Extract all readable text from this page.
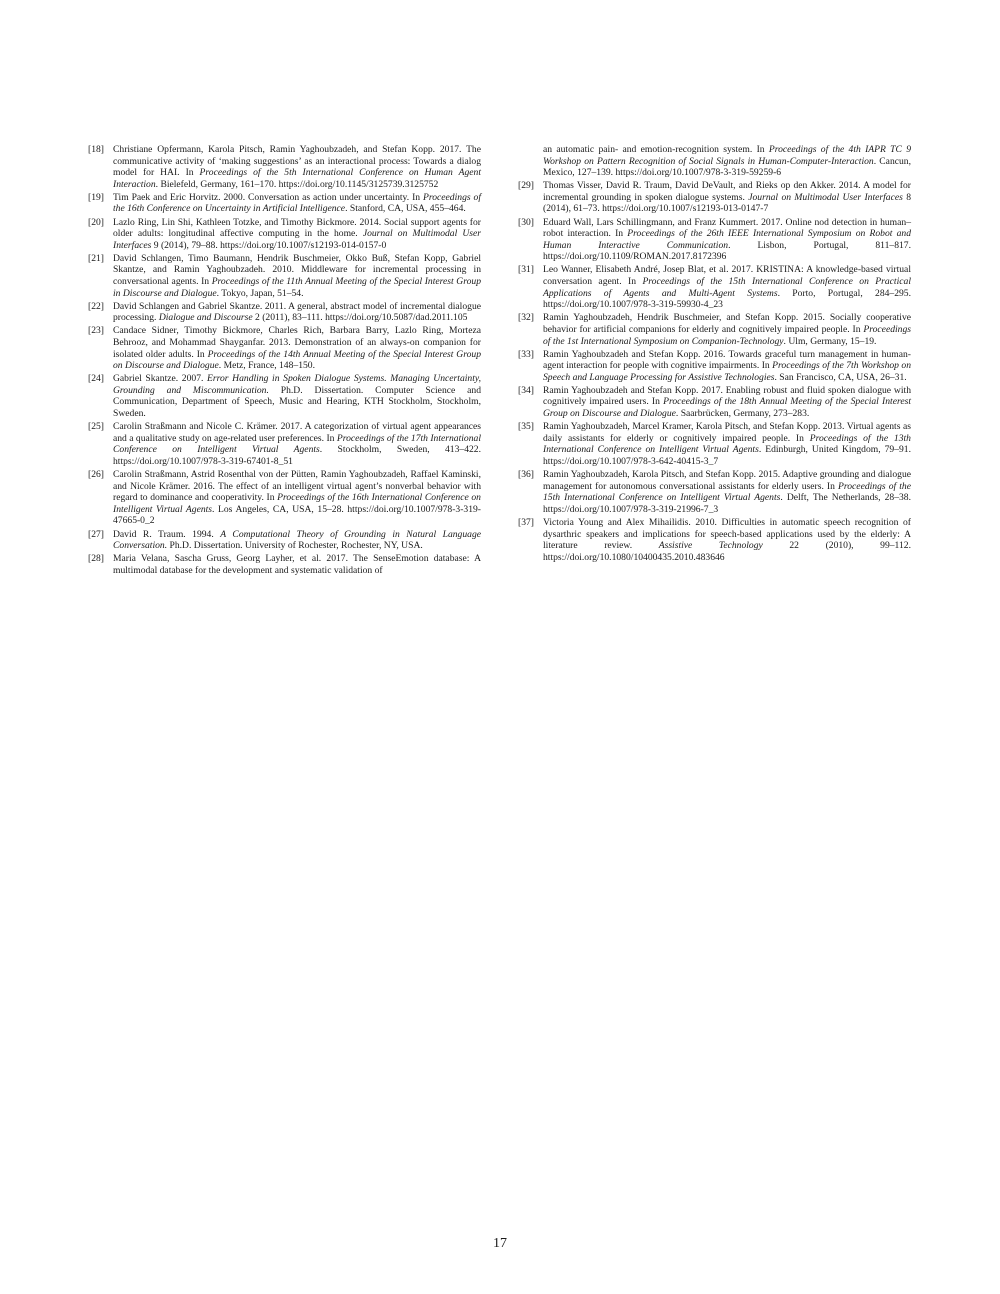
[18] Christiane Opfermann, Karola Pitsch, Ramin Yaghoubzadeh, and Stefan Kopp. 2017. The communicative activity of ‘making suggestions’ as an interactional process: Towards a dialog model for HAI. In Proceedings of the 5th International Conference on Human Agent Interaction. Bielefeld, Germany, 161–170. https://doi.org/10.1145/3125739.3125752
[19] Tim Paek and Eric Horvitz. 2000. Conversation as action under uncertainty. In Proceedings of the 16th Conference on Uncertainty in Artificial Intelligence. Stanford, CA, USA, 455–464.
[20] Lazlo Ring, Lin Shi, Kathleen Totzke, and Timothy Bickmore. 2014. Social support agents for older adults: longitudinal affective computing in the home. Journal on Multimodal User Interfaces 9 (2014), 79–88. https://doi.org/10.1007/s12193-014-0157-0
[21] David Schlangen, Timo Baumann, Hendrik Buschmeier, Okko Buß, Stefan Kopp, Gabriel Skantze, and Ramin Yaghoubzadeh. 2010. Middleware for incremental processing in conversational agents. In Proceedings of the 11th Annual Meeting of the Special Interest Group in Discourse and Dialogue. Tokyo, Japan, 51–54.
[22] David Schlangen and Gabriel Skantze. 2011. A general, abstract model of incremental dialogue processing. Dialogue and Discourse 2 (2011), 83–111. https://doi.org/10.5087/dad.2011.105
[23] Candace Sidner, Timothy Bickmore, Charles Rich, Barbara Barry, Lazlo Ring, Morteza Behrooz, and Mohammad Shayganfar. 2013. Demonstration of an always-on companion for isolated older adults. In Proceedings of the 14th Annual Meeting of the Special Interest Group on Discourse and Dialogue. Metz, France, 148–150.
[24] Gabriel Skantze. 2007. Error Handling in Spoken Dialogue Systems. Managing Uncertainty, Grounding and Miscommunication. Ph.D. Dissertation. Computer Science and Communication, Department of Speech, Music and Hearing, KTH Stockholm, Stockholm, Sweden.
[25] Carolin Straßmann and Nicole C. Krämer. 2017. A categorization of virtual agent appearances and a qualitative study on age-related user preferences. In Proceedings of the 17th International Conference on Intelligent Virtual Agents. Stockholm, Sweden, 413–422. https://doi.org/10.1007/978-3-319-67401-8_51
[26] Carolin Straßmann, Astrid Rosenthal von der Pütten, Ramin Yaghoubzadeh, Raffael Kaminski, and Nicole Krämer. 2016. The effect of an intelligent virtual agent’s nonverbal behavior with regard to dominance and cooperativity. In Proceedings of the 16th International Conference on Intelligent Virtual Agents. Los Angeles, CA, USA, 15–28. https://doi.org/10.1007/978-3-319-47665-0_2
[27] David R. Traum. 1994. A Computational Theory of Grounding in Natural Language Conversation. Ph.D. Dissertation. University of Rochester, Rochester, NY, USA.
[28] Maria Velana, Sascha Gruss, Georg Layher, et al. 2017. The SenseEmotion database: A multimodal database for the development and systematic validation of
an automatic pain- and emotion-recognition system. In Proceedings of the 4th IAPR TC 9 Workshop on Pattern Recognition of Social Signals in Human-Computer-Interaction. Cancun, Mexico, 127–139. https://doi.org/10.1007/978-3-319-59259-6
[29] Thomas Visser, David R. Traum, David DeVault, and Rieks op den Akker. 2014. A model for incremental grounding in spoken dialogue systems. Journal on Multimodal User Interfaces 8 (2014), 61–73. https://doi.org/10.1007/s12193-013-0147-7
[30] Eduard Wall, Lars Schillingmann, and Franz Kummert. 2017. Online nod detection in human–robot interaction. In Proceedings of the 26th IEEE International Symposium on Robot and Human Interactive Communication. Lisbon, Portugal, 811–817. https://doi.org/10.1109/ROMAN.2017.8172396
[31] Leo Wanner, Elisabeth André, Josep Blat, et al. 2017. KRISTINA: A knowledge-based virtual conversation agent. In Proceedings of the 15th International Conference on Practical Applications of Agents and Multi-Agent Systems. Porto, Portugal, 284–295. https://doi.org/10.1007/978-3-319-59930-4_23
[32] Ramin Yaghoubzadeh, Hendrik Buschmeier, and Stefan Kopp. 2015. Socially cooperative behavior for artificial companions for elderly and cognitively impaired people. In Proceedings of the 1st International Symposium on Companion-Technology. Ulm, Germany, 15–19.
[33] Ramin Yaghoubzadeh and Stefan Kopp. 2016. Towards graceful turn management in human-agent interaction for people with cognitive impairments. In Proceedings of the 7th Workshop on Speech and Language Processing for Assistive Technologies. San Francisco, CA, USA, 26–31.
[34] Ramin Yaghoubzadeh and Stefan Kopp. 2017. Enabling robust and fluid spoken dialogue with cognitively impaired users. In Proceedings of the 18th Annual Meeting of the Special Interest Group on Discourse and Dialogue. Saarbrücken, Germany, 273–283.
[35] Ramin Yaghoubzadeh, Marcel Kramer, Karola Pitsch, and Stefan Kopp. 2013. Virtual agents as daily assistants for elderly or cognitively impaired people. In Proceedings of the 13th International Conference on Intelligent Virtual Agents. Edinburgh, United Kingdom, 79–91. https://doi.org/10.1007/978-3-642-40415-3_7
[36] Ramin Yaghoubzadeh, Karola Pitsch, and Stefan Kopp. 2015. Adaptive grounding and dialogue management for autonomous conversational assistants for elderly users. In Proceedings of the 15th International Conference on Intelligent Virtual Agents. Delft, The Netherlands, 28–38. https://doi.org/10.1007/978-3-319-21996-7_3
[37] Victoria Young and Alex Mihailidis. 2010. Difficulties in automatic speech recognition of dysarthric speakers and implications for speech-based applications used by the elderly: A literature review. Assistive Technology 22 (2010), 99–112. https://doi.org/10.1080/10400435.2010.483646
17
